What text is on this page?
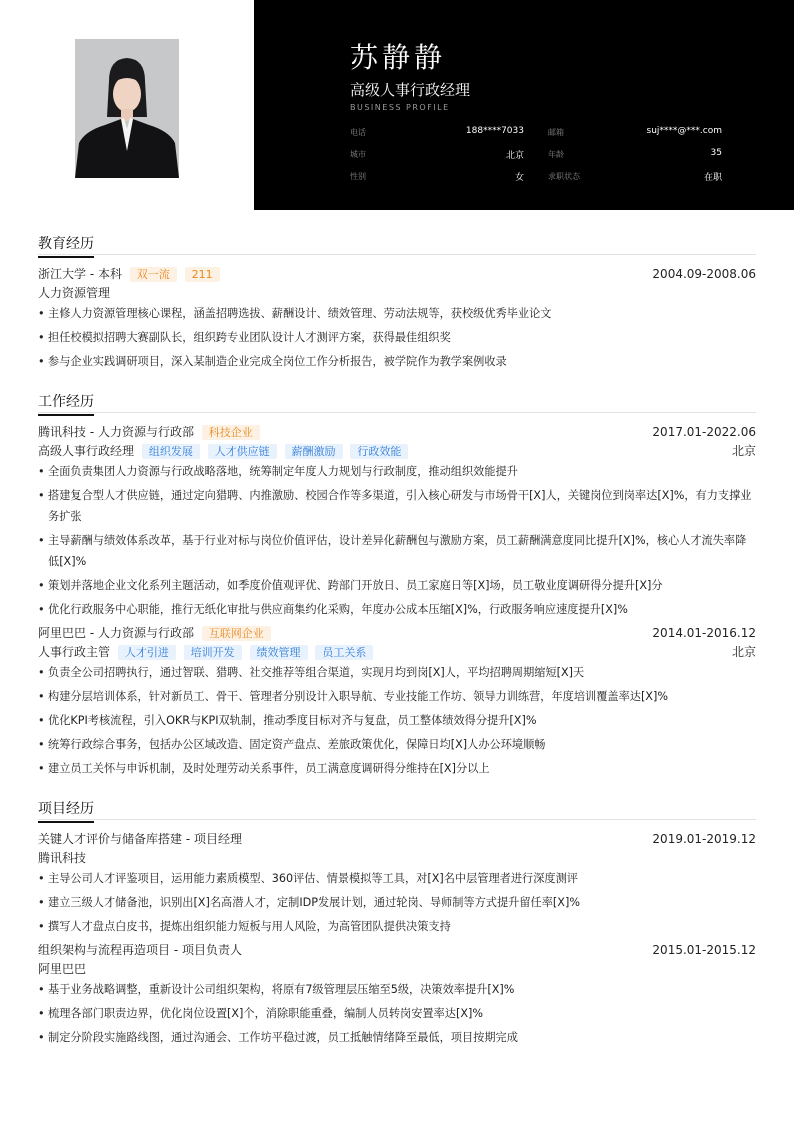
苏静静
高级人事行政经理
BUSINESS PROFILE
电话	188****7033	邮箱	suj****@***.com
城市	北京	年龄	35
性别	女	求职状态	在职
教育经历
浙江大学 - 本科 双一流 211	2004.09-2008.06
人力资源管理
• 主修人力资源管理核心课程，涵盖招聘选拔、薪酬设计、绩效管理、劳动法规等，获校级优秀毕业论文
• 担任校模拟招聘大赛副队长，组织跨专业团队设计人才测评方案，获得最佳组织奖
• 参与企业实践调研项目，深入某制造企业完成全岗位工作分析报告，被学院作为教学案例收录
工作经历
腾讯科技 - 人力资源与行政部 科技企业	2017.01-2022.06
高级人事行政经理 组织发展 人才供应链 薪酬激励 行政效能	北京
• 全面负责集团人力资源与行政战略落地，统筹制定年度人力规划与行政制度，推动组织效能提升
• 搭建复合型人才供应链，通过定向猎聘、内推激励、校园合作等多渠道，引入核心研发与市场骨干[X]人，关键岗位到岗率达[X]%，有力支撑业务扩张
• 主导薪酬与绩效体系改革，基于行业对标与岗位价值评估，设计差异化薪酬包与激励方案，员工薪酬满意度同比提升[X]%，核心人才流失率降低[X]%
• 策划并落地企业文化系列主题活动，如季度价值观评优、跨部门开放日、员工家庭日等[X]场，员工敬业度调研得分提升[X]分
• 优化行政服务中心职能，推行无纸化审批与供应商集约化采购，年度办公成本压缩[X]%，行政服务响应速度提升[X]%
阿里巴巴 - 人力资源与行政部 互联网企业	2014.01-2016.12
人事行政主管 人才引进 培训开发 绩效管理 员工关系	北京
• 负责全公司招聘执行，通过智联、猎聘、社交推荐等组合渠道，实现月均到岗[X]人，平均招聘周期缩短[X]天
• 构建分层培训体系，针对新员工、骨干、管理者分别设计入职导航、专业技能工作坊、领导力训练营，年度培训覆盖率达[X]%
• 优化KPI考核流程，引入OKR与KPI双轨制，推动季度目标对齐与复盘，员工整体绩效得分提升[X]%
• 统筹行政综合事务，包括办公区域改造、固定资产盘点、差旅政策优化，保障日均[X]人办公环境顺畅
• 建立员工关怀与申诉机制，及时处理劳动关系事件，员工满意度调研得分维持在[X]分以上
项目经历
关键人才评价与储备库搭建 - 项目经理	2019.01-2019.12
腾讯科技
• 主导公司人才评鉴项目，运用能力素质模型、360评估、情景模拟等工具，对[X]名中层管理者进行深度测评
• 建立三级人才储备池，识别出[X]名高潜人才，定制IDP发展计划，通过轮岗、导师制等方式提升留任率[X]%
• 撰写人才盘点白皮书，提炼出组织能力短板与用人风险，为高管团队提供决策支持
组织架构与流程再造项目 - 项目负责人	2015.01-2015.12
阿里巴巴
• 基于业务战略调整，重新设计公司组织架构，将原有7级管理层压缩至5级，决策效率提升[X]%
• 梳理各部门职责边界，优化岗位设置[X]个，消除职能重叠，编制人员转岗安置率达[X]%
• 制定分阶段实施路线图，通过沟通会、工作坊平稳过渡，员工抵触情绪降至最低，项目按期完成
